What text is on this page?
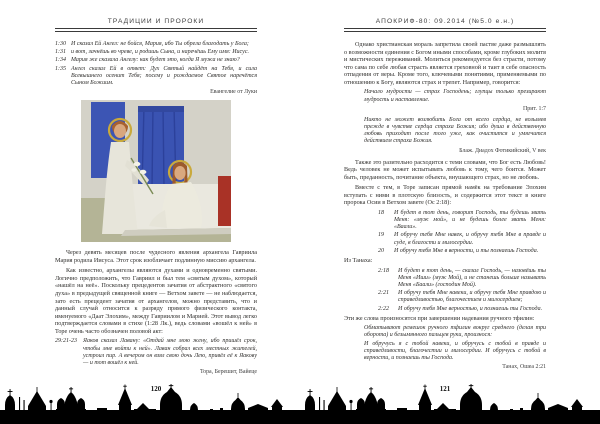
ТРАДИЦИИ И ПРОРОКИ
1:30 И сказал Ей Ангел: не бойся, Мария, ибо Ты обрела благодать у Бога;
1:31 и вот, зачнёшь во чреве, и родишь Сына, и наречёшь Ему имя: Иисус.
1:34 Мария же сказала Ангелу: как будет это, когда Я мужа не знаю?
1:35 Ангел сказал Ей в ответ: Дух Святый найдёт на Тебя, и сила Всевышнего осенит Тебя; посему и рождаемое Святое наречётся Сыном Божиим.
Евангелие от Луки

Через девять месяцев после чудесного явления архангела Гавриила Мария родила Иисуса. Этот срок изобличает подлинную миссию архангела.

Как известно, архангелы являются духами и одновременно святыми. Логично предположить, что Гавриил и был тем «святым духом», который «нашёл на неё». Поскольку прецедентов зачатия от абстрактного «святого духа» в предыдущей священной книге — Ветхом завете — не наблюдается, зато есть прецедент зачатия от архангелов, можно представить, что и данный случай относится к разряду прямого физического контакта, именуемого «Даат Элохим», между Гавриилом и Марией. Этот вывод легко подтверждается словами в стихе (1:28 Лк.), ведь словами «вошёл к ней» в Торе очень часто обозначен половой акт:

29:21-23	Яаков сказал Лавану: «Отдай мне мою жену, ибо пришёл срок, чтобы мне войти к ней». Лаван собрал всех местных жителей, устроил пир. А вечером он взял свою дочь Лею, привёл её к Яакову — и тот вошёл к ней.
Тора, Берешит, Вайеце
АПОКРИФ-80: 09.2014 (№5.0 е.н.)

Однако христианская мораль запретила своей пастве даже размышлять о возможности единения с Богом иными способами, кроме глубоких молитв и мистических переживаний. Молиться рекомендуется без страсти, потому что сама по себе любая страсть является греховной и таит в себе опасность отпадения от веры. Кроме того, ключевыми понятиями, применяемыми по отношению к Богу, являются страх и трепет. Например, говорится:

Начало мудрости — страх Господень; глупцы только презирают мудрость и наставление.
Прит. 1:7
Никто не может возлюбить Бога от всего сердца, не возымев прежде в чувстве сердца страха Божия; ибо душа в действенную любовь приходит после того уже, как очистится и умягчится действием страха Божия.
Блаж. Диадох Фотикийский, V век

Также это разительно расходится с теми словами, что Бог есть Любовь! Ведь человек не может испытывать любовь к тому, чего боится. Может быть, преданность, почитание объекта, внушающего страх, но не любовь.

Вместе с тем, в Торе записан прямой намёк на требование Элохим вступать с ними в плотскую близость, и содержится этот текст в книге пророка Осии в Ветхом завете (Ос 2:18):

18	И будет в тот день, говорит Господь, ты будешь звать Меня: «муж мой», и не будешь более звать Меня: «Ваали».
19	И обручу тебя Мне навек, и обручу тебя Мне в правде и суде, в благости и милосердии.
20	И обручу тебя Мне в верности, и ты познаешь Господа.

Из Танаха:

2:18	И будет в тот день, — сказал Господь, — назовёшь ты Меня «Иши» (муж Мой), и не станешь больше называть Меня «Баали» (господин Мой).
2:21	И обручу тебя Мне навеки, и обручу тебя Мне правдою и справедливостью, благочестием и милосердием;
2:22	И обручу тебя Мне верностью, и познаешь ты Господа.

Эти же слова произносятся при завершении надевания ручного тфилин:

Обматывают ремешок ручного тфилин вокруг среднего (делая три оборота) и безымянного пальцев руки, произнося:
И обручусь я с тобой навеки, и обручусь с тобой в правде и справедливости, благочестии и милосердии. И обручусь с тобой в верности, и познаешь ты Господа.
Танах, Ошеа 2:21
120	121
